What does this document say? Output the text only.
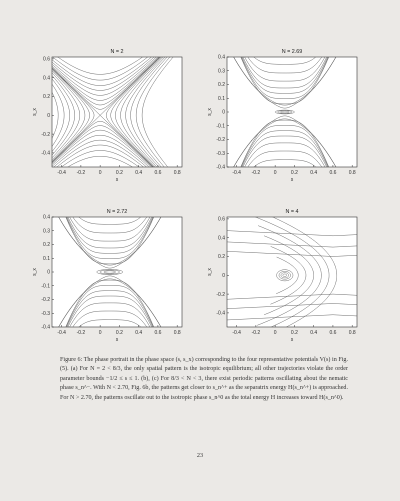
N = 2
-0.4 -0.2	0	0.2 0.4 0.6 0.8
0.6
0.4
0.2
0
-0.2
-0.4
s
s_x
N = 2.69
-0.4 -0.2	0	0.2 0.4 0.6 0.8
0.4
0.3
0.2
0.1
0
-0.1
-0.2
-0.3
-0.4
s
s_x
N = 2.72
-0.4 -0.2	0	0.2 0.4 0.6 0.8
0.4
0.3
0.2
0.1
0
-0.1
-0.2
-0.3
-0.4
s
s_x
N = 4
-0.4 -0.2	0	0.2 0.4 0.6 0.8
0.6
0.4
0.2
0
-0.2
-0.4
s
s_x
Figure 6: The phase portrait in the phase space (s, s_x) corresponding to the four representative potentials V(s) in Fig. (5). (a) For N = 2 < 8/3, the only spatial pattern is the isotropic equilibrium; all other trajectories violate the order parameter bounds −1/2 ≤ s ≤ 1. (b), (c) For 8/3 < N < 3, there exist periodic patterns oscillating about the nematic phase s_n^−. With N < 2.70, Fig. 6b, the patterns get closer to s_n^+ as the separatrix energy H(s_n^+) is approached. For N > 2.70, the patterns oscillate out to the isotropic phase s_n^0 as the total energy H increases toward H(s_n^0).
23
